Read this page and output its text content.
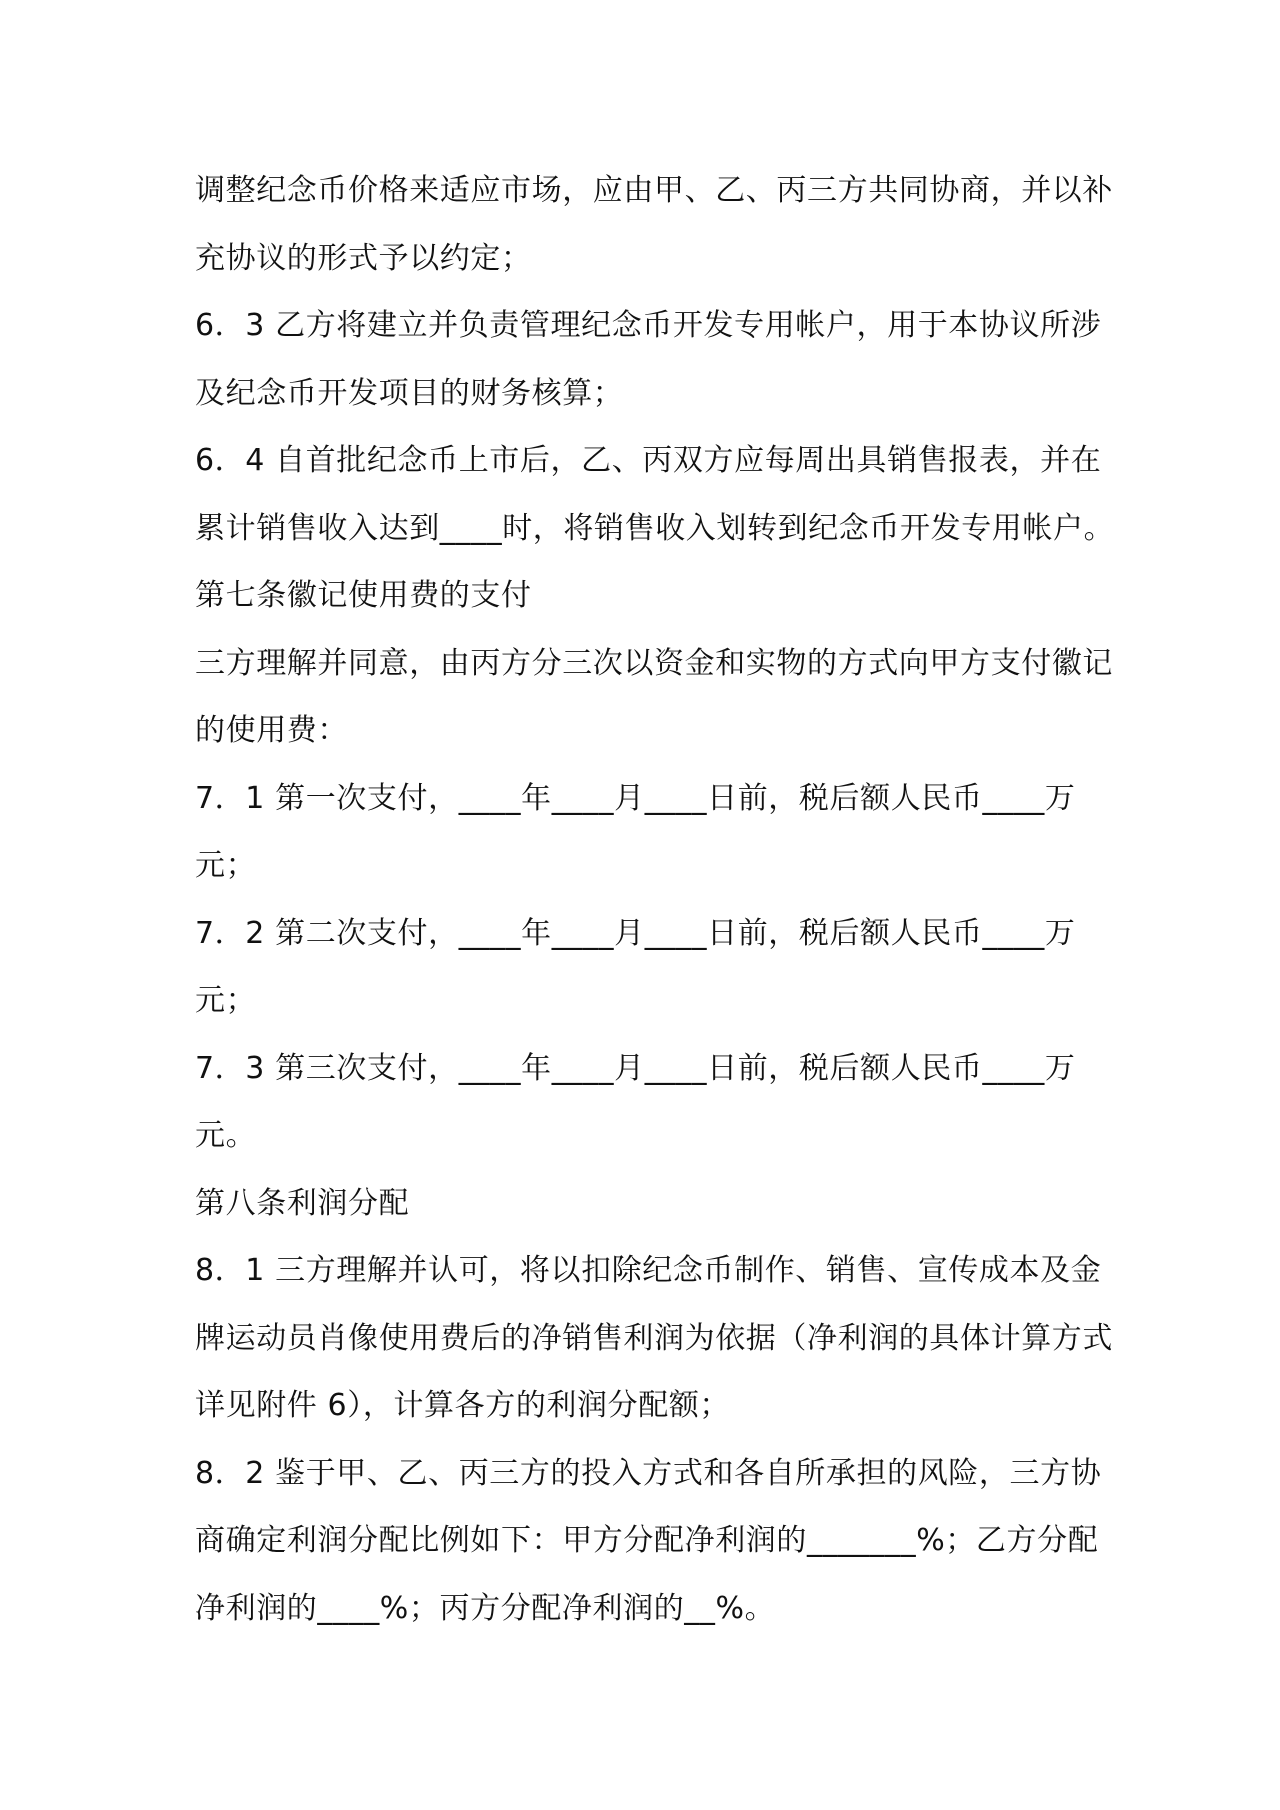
调整纪念币价格来适应市场，应由甲、乙、丙三方共同协商，并以补
充协议的形式予以约定；
6．3 乙方将建立并负责管理纪念币开发专用帐户，用于本协议所涉
及纪念币开发项目的财务核算；
6．4 自首批纪念币上市后，乙、丙双方应每周出具销售报表，并在
累计销售收入达到____时，将销售收入划转到纪念币开发专用帐户。
第七条徽记使用费的支付
三方理解并同意，由丙方分三次以资金和实物的方式向甲方支付徽记
的使用费：
7．1 第一次支付，____年____月____日前，税后额人民币____万
元；
7．2 第二次支付，____年____月____日前，税后额人民币____万
元；
7．3 第三次支付，____年____月____日前，税后额人民币____万
元。
第八条利润分配
8．1 三方理解并认可，将以扣除纪念币制作、销售、宣传成本及金
牌运动员肖像使用费后的净销售利润为依据（净利润的具体计算方式
详见附件 6），计算各方的利润分配额；
8．2 鉴于甲、乙、丙三方的投入方式和各自所承担的风险，三方协
商确定利润分配比例如下：甲方分配净利润的_______%；乙方分配
净利润的____%；丙方分配净利润的__%。
